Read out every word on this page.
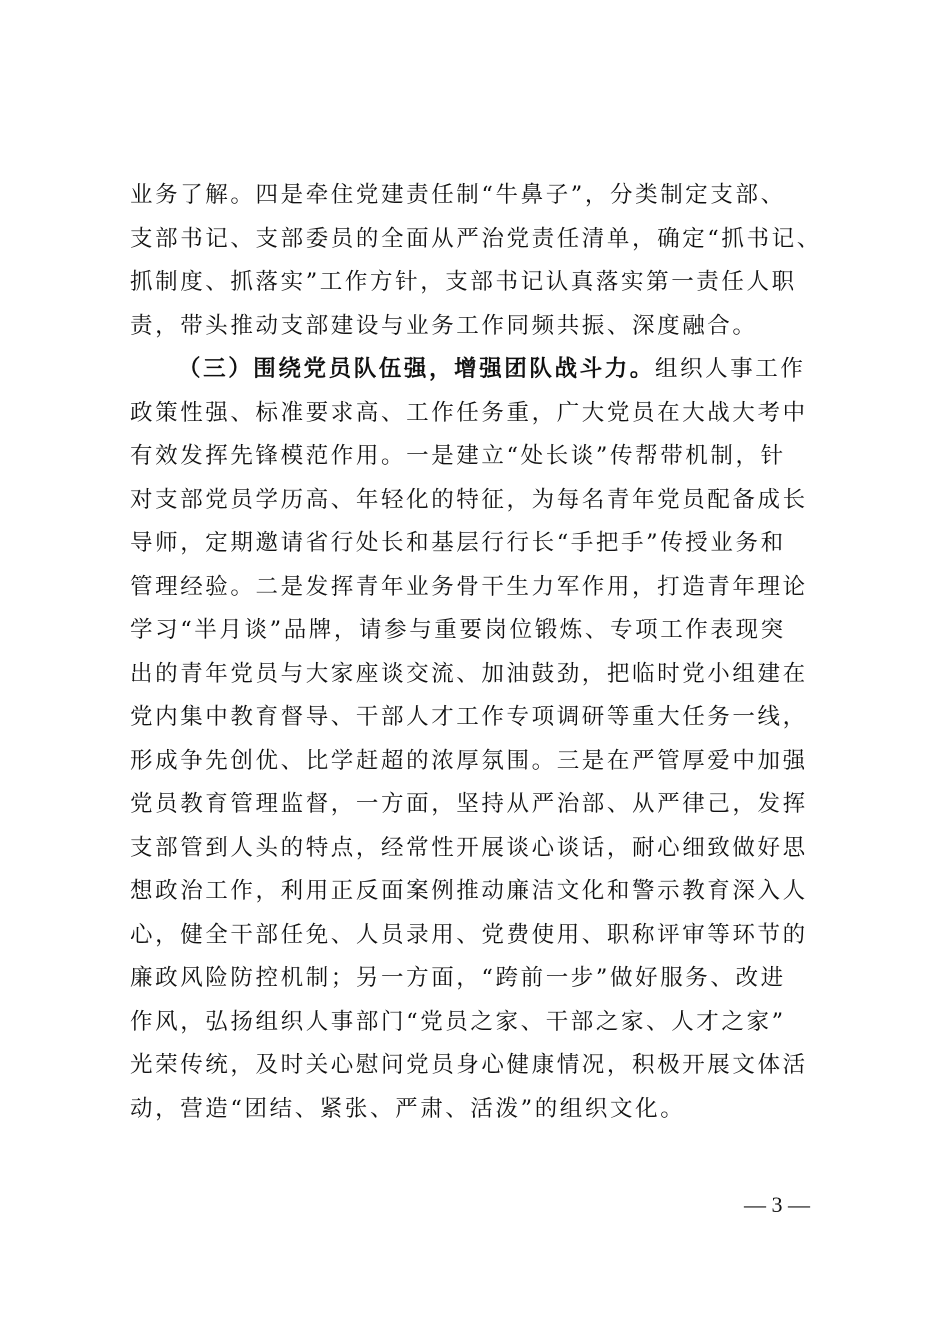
业务了解。四是牵住党建责任制“牛鼻子”，分类制定支部、
支部书记、支部委员的全面从严治党责任清单，确定“抓书记、
抓制度、抓落实”工作方针，支部书记认真落实第一责任人职
责，带头推动支部建设与业务工作同频共振、深度融合。
（三）围绕党员队伍强，增强团队战斗力。组织人事工作
政策性强、标准要求高、工作任务重，广大党员在大战大考中
有效发挥先锋模范作用。一是建立“处长谈”传帮带机制，针
对支部党员学历高、年轻化的特征，为每名青年党员配备成长
导师，定期邀请省行处长和基层行行长“手把手”传授业务和
管理经验。二是发挥青年业务骨干生力军作用，打造青年理论
学习“半月谈”品牌，请参与重要岗位锻炼、专项工作表现突
出的青年党员与大家座谈交流、加油鼓劲，把临时党小组建在
党内集中教育督导、干部人才工作专项调研等重大任务一线，
形成争先创优、比学赶超的浓厚氛围。三是在严管厚爱中加强
党员教育管理监督，一方面，坚持从严治部、从严律己，发挥
支部管到人头的特点，经常性开展谈心谈话，耐心细致做好思
想政治工作，利用正反面案例推动廉洁文化和警示教育深入人
心，健全干部任免、人员录用、党费使用、职称评审等环节的
廉政风险防控机制；另一方面，“跨前一步”做好服务、改进
作风，弘扬组织人事部门“党员之家、干部之家、人才之家”
光荣传统，及时关心慰问党员身心健康情况，积极开展文体活
动，营造“团结、紧张、严肃、活泼”的组织文化。
— 3 —
